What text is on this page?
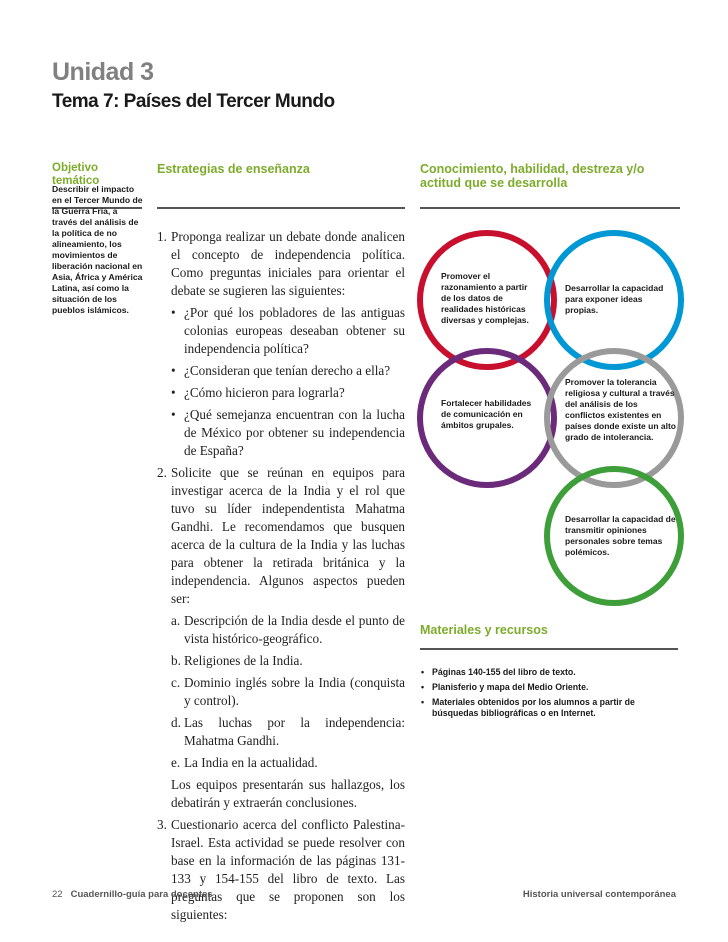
Unidad 3
Tema 7: Países del Tercer Mundo
Objetivo temático
Describir el impacto en el Tercer Mundo de la Guerra Fría, a través del análisis de la política de no alineamiento, los movimientos de liberación nacional en Asia, África y América Latina, así como la situación de los pueblos islámicos.
Estrategias de enseñanza
1. Proponga realizar un debate donde analicen el concepto de independencia política. Como preguntas iniciales para orientar el debate se sugieren las siguientes:
• ¿Por qué los pobladores de las antiguas colonias europeas deseaban obtener su independencia política?
• ¿Consideran que tenían derecho a ella?
• ¿Cómo hicieron para lograrla?
• ¿Qué semejanza encuentran con la lucha de México por obtener su independencia de España?
2. Solicite que se reúnan en equipos para investigar acerca de la India y el rol que tuvo su líder independentista Mahatma Gandhi. Le recomendamos que busquen acerca de la cultura de la India y las luchas para obtener la retirada británica y la independencia. Algunos aspectos pueden ser:
a. Descripción de la India desde el punto de vista histórico-geográfico.
b. Religiones de la India.
c. Dominio inglés sobre la India (conquista y control).
d. Las luchas por la independencia: Mahatma Gandhi.
e. La India en la actualidad.
Los equipos presentarán sus hallazgos, los debatirán y extraerán conclusiones.
3. Cuestionario acerca del conflicto Palestina-Israel. Esta actividad se puede resolver con base en la información de las páginas 131-133 y 154-155 del libro de texto. Las preguntas que se proponen son los siguientes:
Conocimiento, habilidad, destreza y/o actitud que se desarrolla
Promover el razonamiento a partir de los datos de realidades históricas diversas y complejas.
Desarrollar la capacidad para exponer ideas propias.
Fortalecer habilidades de comunicación en ámbitos grupales.
Promover la tolerancia religiosa y cultural a través del análisis de los conflictos existentes en países donde existe un alto grado de intolerancia.
Desarrollar la capacidad de transmitir opiniones personales sobre temas polémicos.
Materiales y recursos
• Páginas 140-155 del libro de texto.
• Planisferio y mapa del Medio Oriente.
• Materiales obtenidos por los alumnos a partir de búsquedas bibliográficas o en Internet.
22 Cuadernillo-guía para docentes	Historia universal contemporánea
